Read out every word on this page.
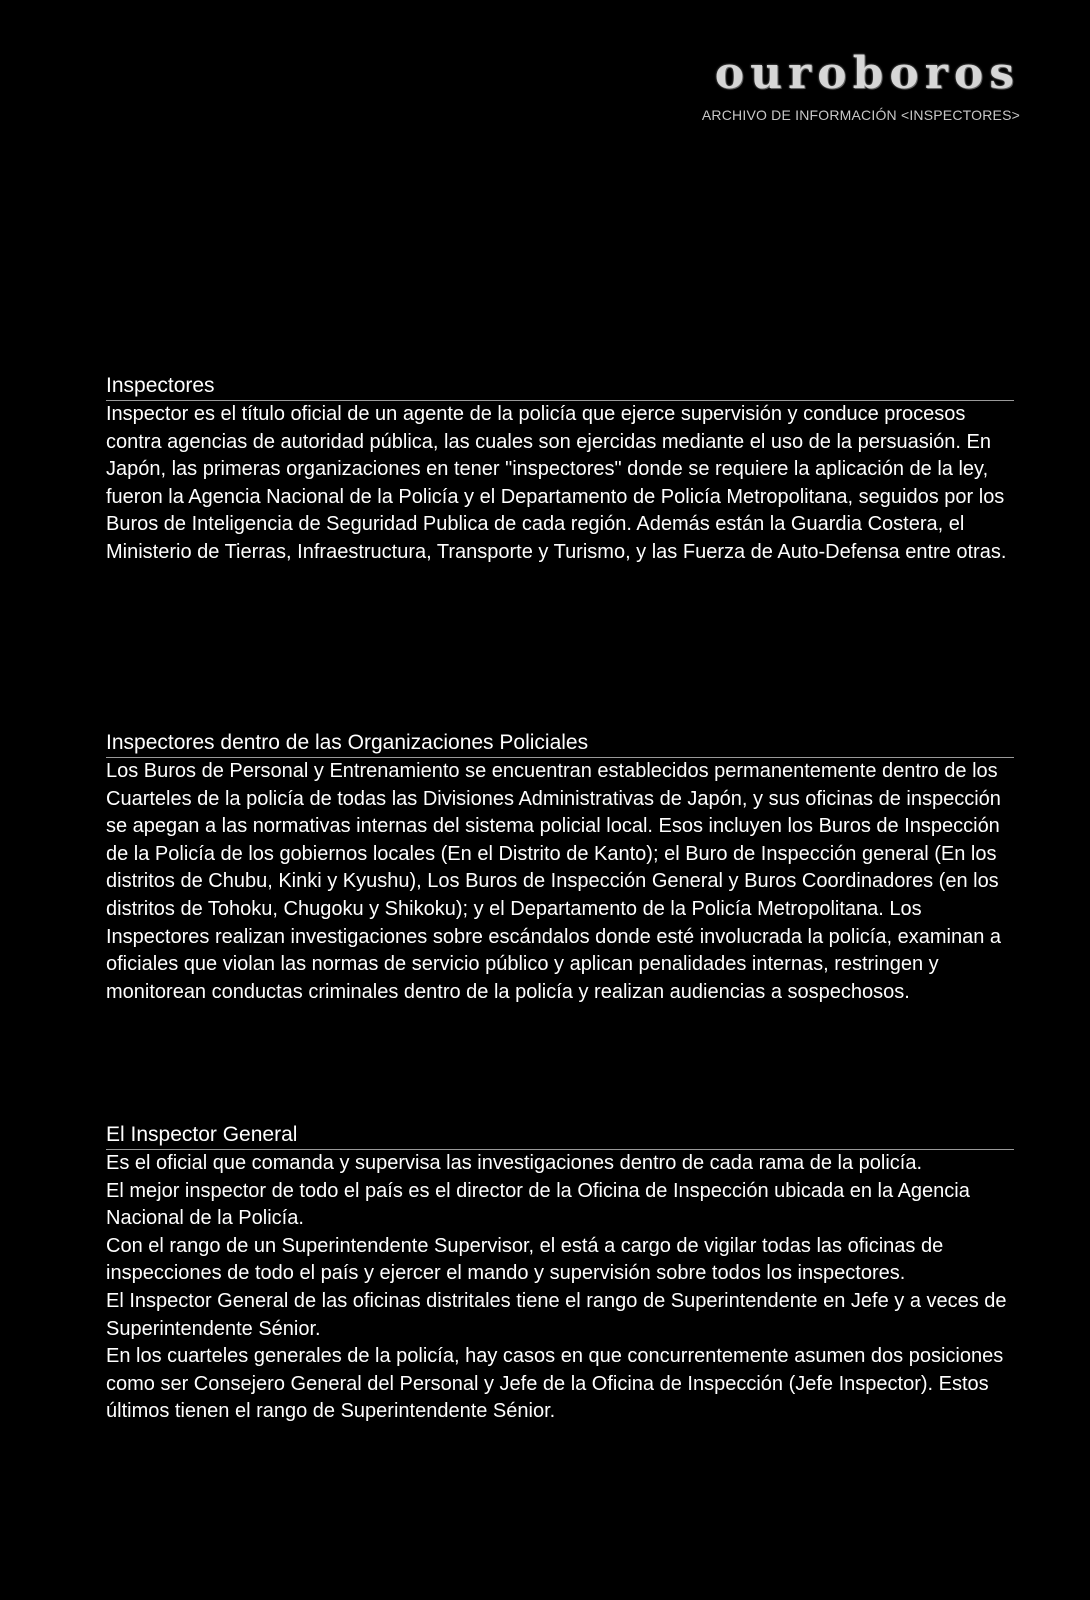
ouroboros
ARCHIVO DE INFORMACIÓN <INSPECTORES>
Inspectores

Inspector es el título oficial de un agente de la policía que ejerce supervisión y conduce procesos contra agencias de autoridad pública, las cuales son ejercidas mediante el uso de la persuasión. En Japón, las primeras organizaciones en tener "inspectores" donde se requiere la aplicación de la ley, fueron la Agencia Nacional de la Policía y el Departamento de Policía Metropolitana, seguidos por los Buros de Inteligencia de Seguridad Publica de cada región. Además están la Guardia Costera, el Ministerio de Tierras, Infraestructura, Transporte y Turismo, y las Fuerza de Auto-Defensa entre otras.

Inspectores dentro de las Organizaciones Policiales

Los Buros de Personal y Entrenamiento se encuentran establecidos permanentemente dentro de los Cuarteles de la policía de todas las Divisiones Administrativas de Japón, y sus oficinas de inspección se apegan a las normativas internas del sistema policial local. Esos incluyen los Buros de Inspección de la Policía de los gobiernos locales (En el Distrito de Kanto); el Buro de Inspección general (En los distritos de Chubu, Kinki y Kyushu), Los Buros de Inspección General y Buros Coordinadores (en los distritos de Tohoku, Chugoku y Shikoku); y el Departamento de la Policía Metropolitana. Los Inspectores realizan investigaciones sobre escándalos donde esté involucrada la policía, examinan a oficiales que violan las normas de servicio público y aplican penalidades internas, restringen y monitorean conductas criminales dentro de la policía y realizan audiencias a sospechosos.

El Inspector General

Es el oficial que comanda y supervisa las investigaciones dentro de cada rama de la policía.

El mejor inspector de todo el país es el director de la Oficina de Inspección ubicada en la Agencia Nacional de la Policía.

Con el rango de un Superintendente Supervisor, el está a cargo de vigilar todas las oficinas de inspecciones de todo el país y ejercer el mando y supervisión sobre todos los inspectores.

El Inspector General de las oficinas distritales tiene el rango de Superintendente en Jefe y a veces de Superintendente Sénior.

En los cuarteles generales de la policía, hay casos en que concurrentemente asumen dos posiciones como ser Consejero General del Personal y Jefe de la Oficina de Inspección (Jefe Inspector). Estos últimos tienen el rango de Superintendente Sénior.
